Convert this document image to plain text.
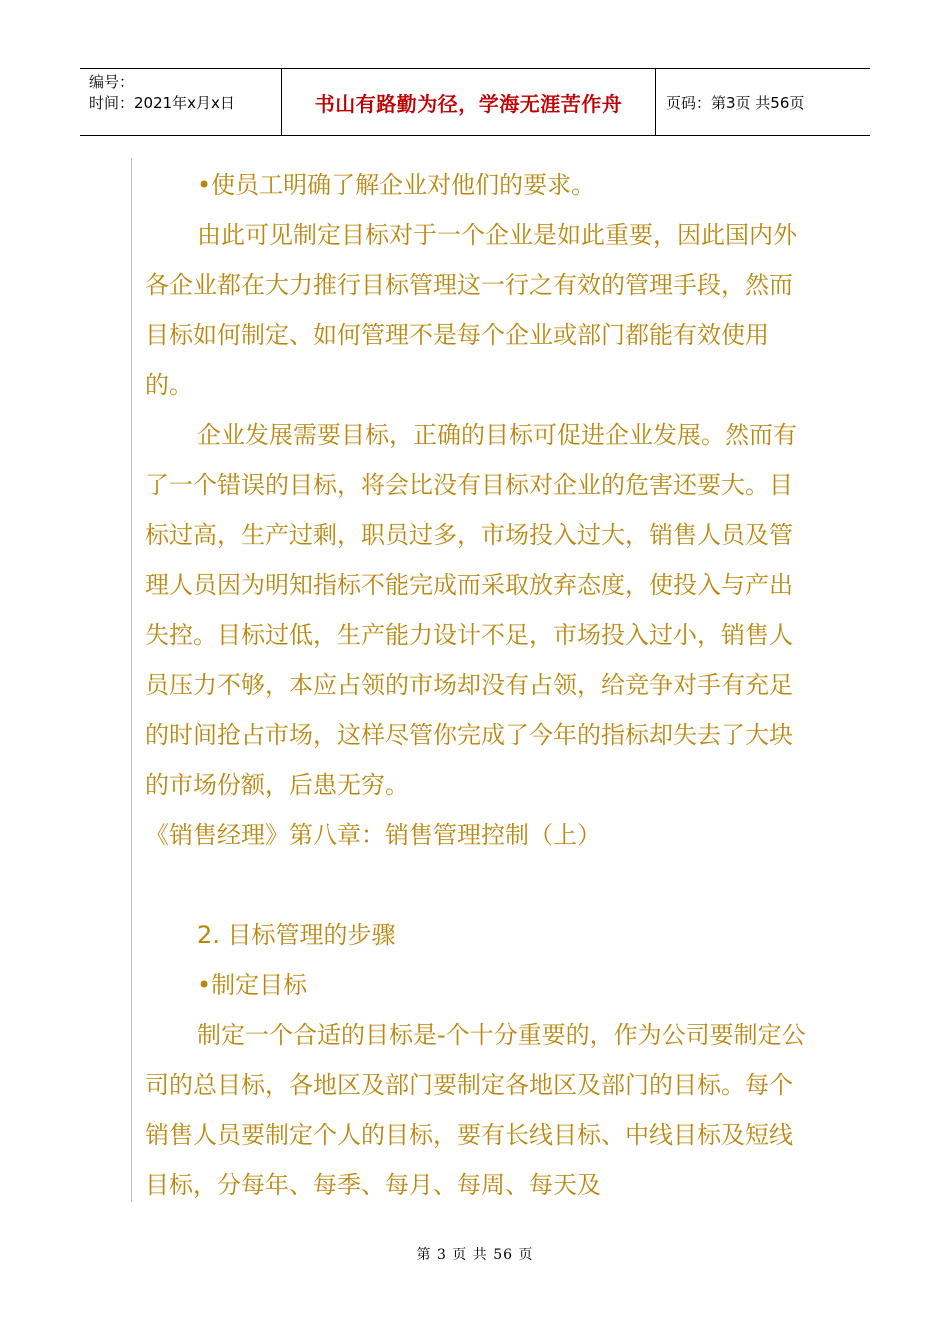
编号：
时间：2021年x月x日	书山有路勤为径，学海无涯苦作舟	页码：第3页 共56页

•使员工明确了解企业对他们的要求。

由此可见制定目标对于一个企业是如此重要，因此国内外各企业都在大力推行目标管理这一行之有效的管理手段，然而目标如何制定、如何管理不是每个企业或部门都能有效使用的。

企业发展需要目标，正确的目标可促进企业发展。然而有了一个错误的目标，将会比没有目标对企业的危害还要大。目标过高，生产过剩，职员过多，市场投入过大，销售人员及管理人员因为明知指标不能完成而采取放弃态度，使投入与产出失控。目标过低，生产能力设计不足，市场投入过小，销售人员压力不够，本应占领的市场却没有占领，给竞争对手有充足的时间抢占市场，这样尽管你完成了今年的指标却失去了大块的市场份额，后患无穷。

《销售经理》第八章：销售管理控制（上）

2. 目标管理的步骤

•制定目标

制定一个合适的目标是-个十分重要的，作为公司要制定公司的总目标，各地区及部门要制定各地区及部门的目标。每个销售人员要制定个人的目标，要有长线目标、中线目标及短线目标，分每年、每季、每月、每周、每天及

第 3 页 共 56 页
